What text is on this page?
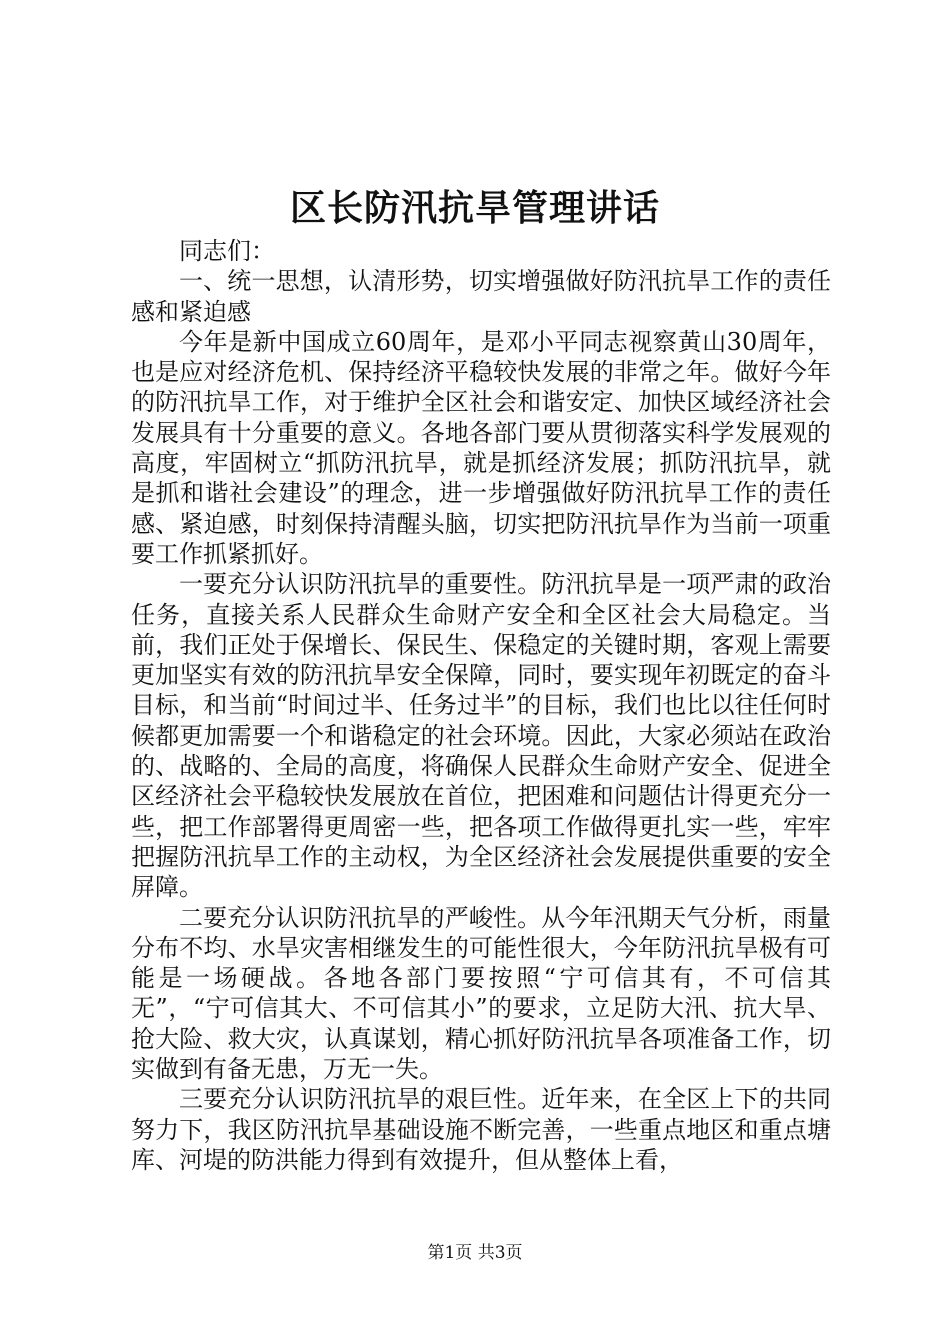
区长防汛抗旱管理讲话

同志们：

一、统一思想，认清形势，切实增强做好防汛抗旱工作的责任感和紧迫感

今年是新中国成立60周年，是邓小平同志视察黄山30周年，也是应对经济危机、保持经济平稳较快发展的非常之年。做好今年的防汛抗旱工作，对于维护全区社会和谐安定、加快区域经济社会发展具有十分重要的意义。各地各部门要从贯彻落实科学发展观的高度，牢固树立“抓防汛抗旱，就是抓经济发展；抓防汛抗旱，就是抓和谐社会建设”的理念，进一步增强做好防汛抗旱工作的责任感、紧迫感，时刻保持清醒头脑，切实把防汛抗旱作为当前一项重要工作抓紧抓好。

一要充分认识防汛抗旱的重要性。防汛抗旱是一项严肃的政治任务，直接关系人民群众生命财产安全和全区社会大局稳定。当前，我们正处于保增长、保民生、保稳定的关键时期，客观上需要更加坚实有效的防汛抗旱安全保障，同时，要实现年初既定的奋斗目标，和当前“时间过半、任务过半”的目标，我们也比以往任何时候都更加需要一个和谐稳定的社会环境。因此，大家必须站在政治的、战略的、全局的高度，将确保人民群众生命财产安全、促进全区经济社会平稳较快发展放在首位，把困难和问题估计得更充分一些，把工作部署得更周密一些，把各项工作做得更扎实一些，牢牢把握防汛抗旱工作的主动权，为全区经济社会发展提供重要的安全屏障。

二要充分认识防汛抗旱的严峻性。从今年汛期天气分析，雨量分布不均、水旱灾害相继发生的可能性很大，今年防汛抗旱极有可能是一场硬战。各地各部门要按照“宁可信其有，不可信其无”，“宁可信其大、不可信其小”的要求，立足防大汛、抗大旱、抢大险、救大灾，认真谋划，精心抓好防汛抗旱各项准备工作，切实做到有备无患，万无一失。

三要充分认识防汛抗旱的艰巨性。近年来，在全区上下的共同努力下，我区防汛抗旱基础设施不断完善，一些重点地区和重点塘库、河堤的防洪能力得到有效提升，但从整体上看，

第1页 共3页
